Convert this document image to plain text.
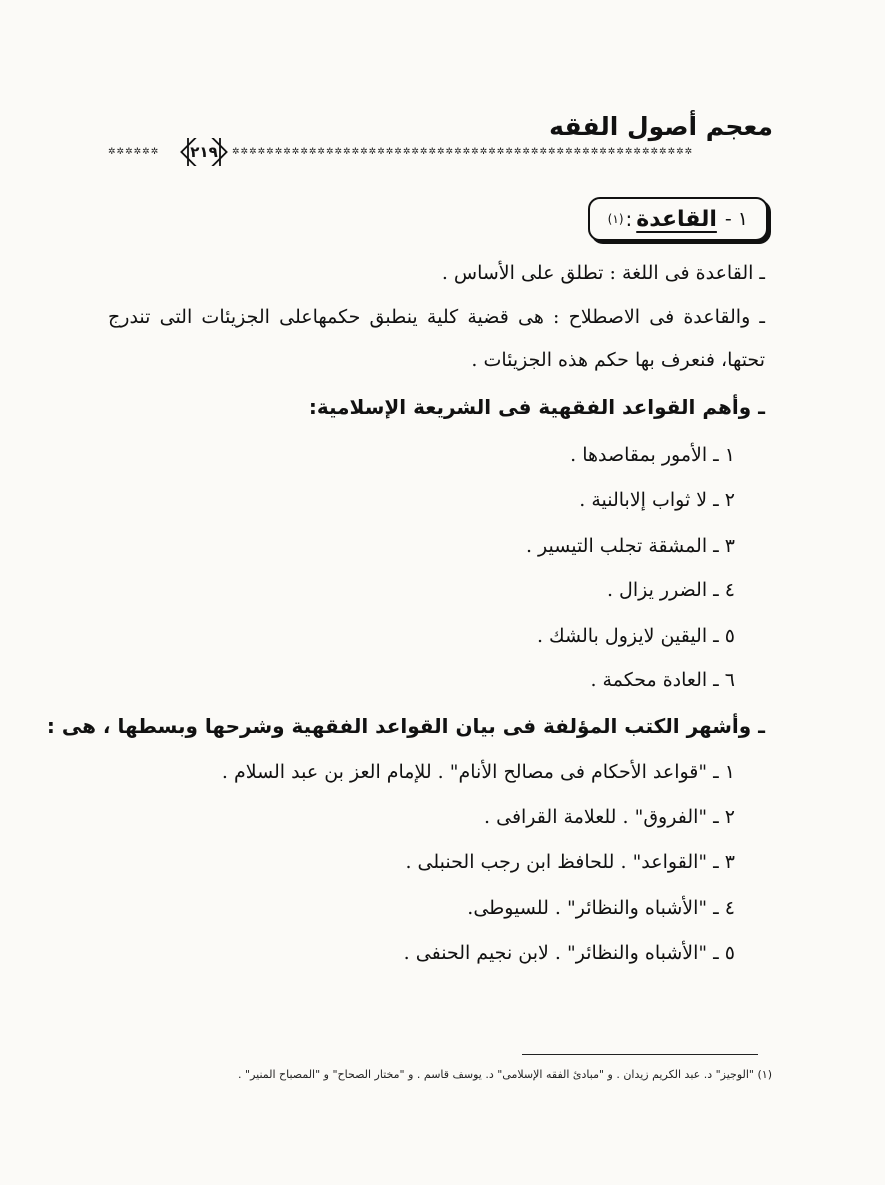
معجم أصول الفقه
✲✲✲✲✲✲	٢١٩ ✲✲✲✲✲✲✲✲✲✲✲✲✲✲✲✲✲✲✲✲✲✲✲✲✲✲✲✲✲✲✲✲✲✲✲✲✲✲✲✲✲✲✲✲✲✲✲✲✲✲✲✲✲✲
١ -
القاعدة
:
(١)
ـ القاعدة فى اللغة : تطلق على الأساس .
ـ والقاعدة فى الاصطلاح : هى قضية كلية ينطبق حكمهاعلى الجزيئات التى تندرج
تحتها، فنعرف بها حكم هذه الجزيئات .
ـ وأهم القواعد الفقهية فى الشريعة الإسلامية:
١ ـ الأمور بمقاصدها .
٢ ـ لا ثواب إلابالنية .
٣ ـ المشقة تجلب التيسير .
٤ ـ الضرر يزال .
٥ ـ اليقين لايزول بالشك .
٦ ـ العادة محكمة .
ـ وأشهر الكتب المؤلفة فى بيان القواعد الفقهية وشرحها وبسطها ، هى :
١ ـ "قواعد الأحكام فى مصالح الأنام" . للإمام العز بن عبد السلام .
٢ ـ "الفروق" . للعلامة القرافى .
٣ ـ "القواعد" . للحافظ ابن رجب الحنبلى .
٤ ـ "الأشباه والنظائر" . للسيوطى.
٥ ـ "الأشباه والنظائر" . لابن نجيم الحنفى .
(١) "الوجيز" د. عبد الكريم زيدان . و "مبادئ الفقه الإسلامى" د. يوسف قاسم . و "مختار الصحاح" و "المصباح المنير" .
